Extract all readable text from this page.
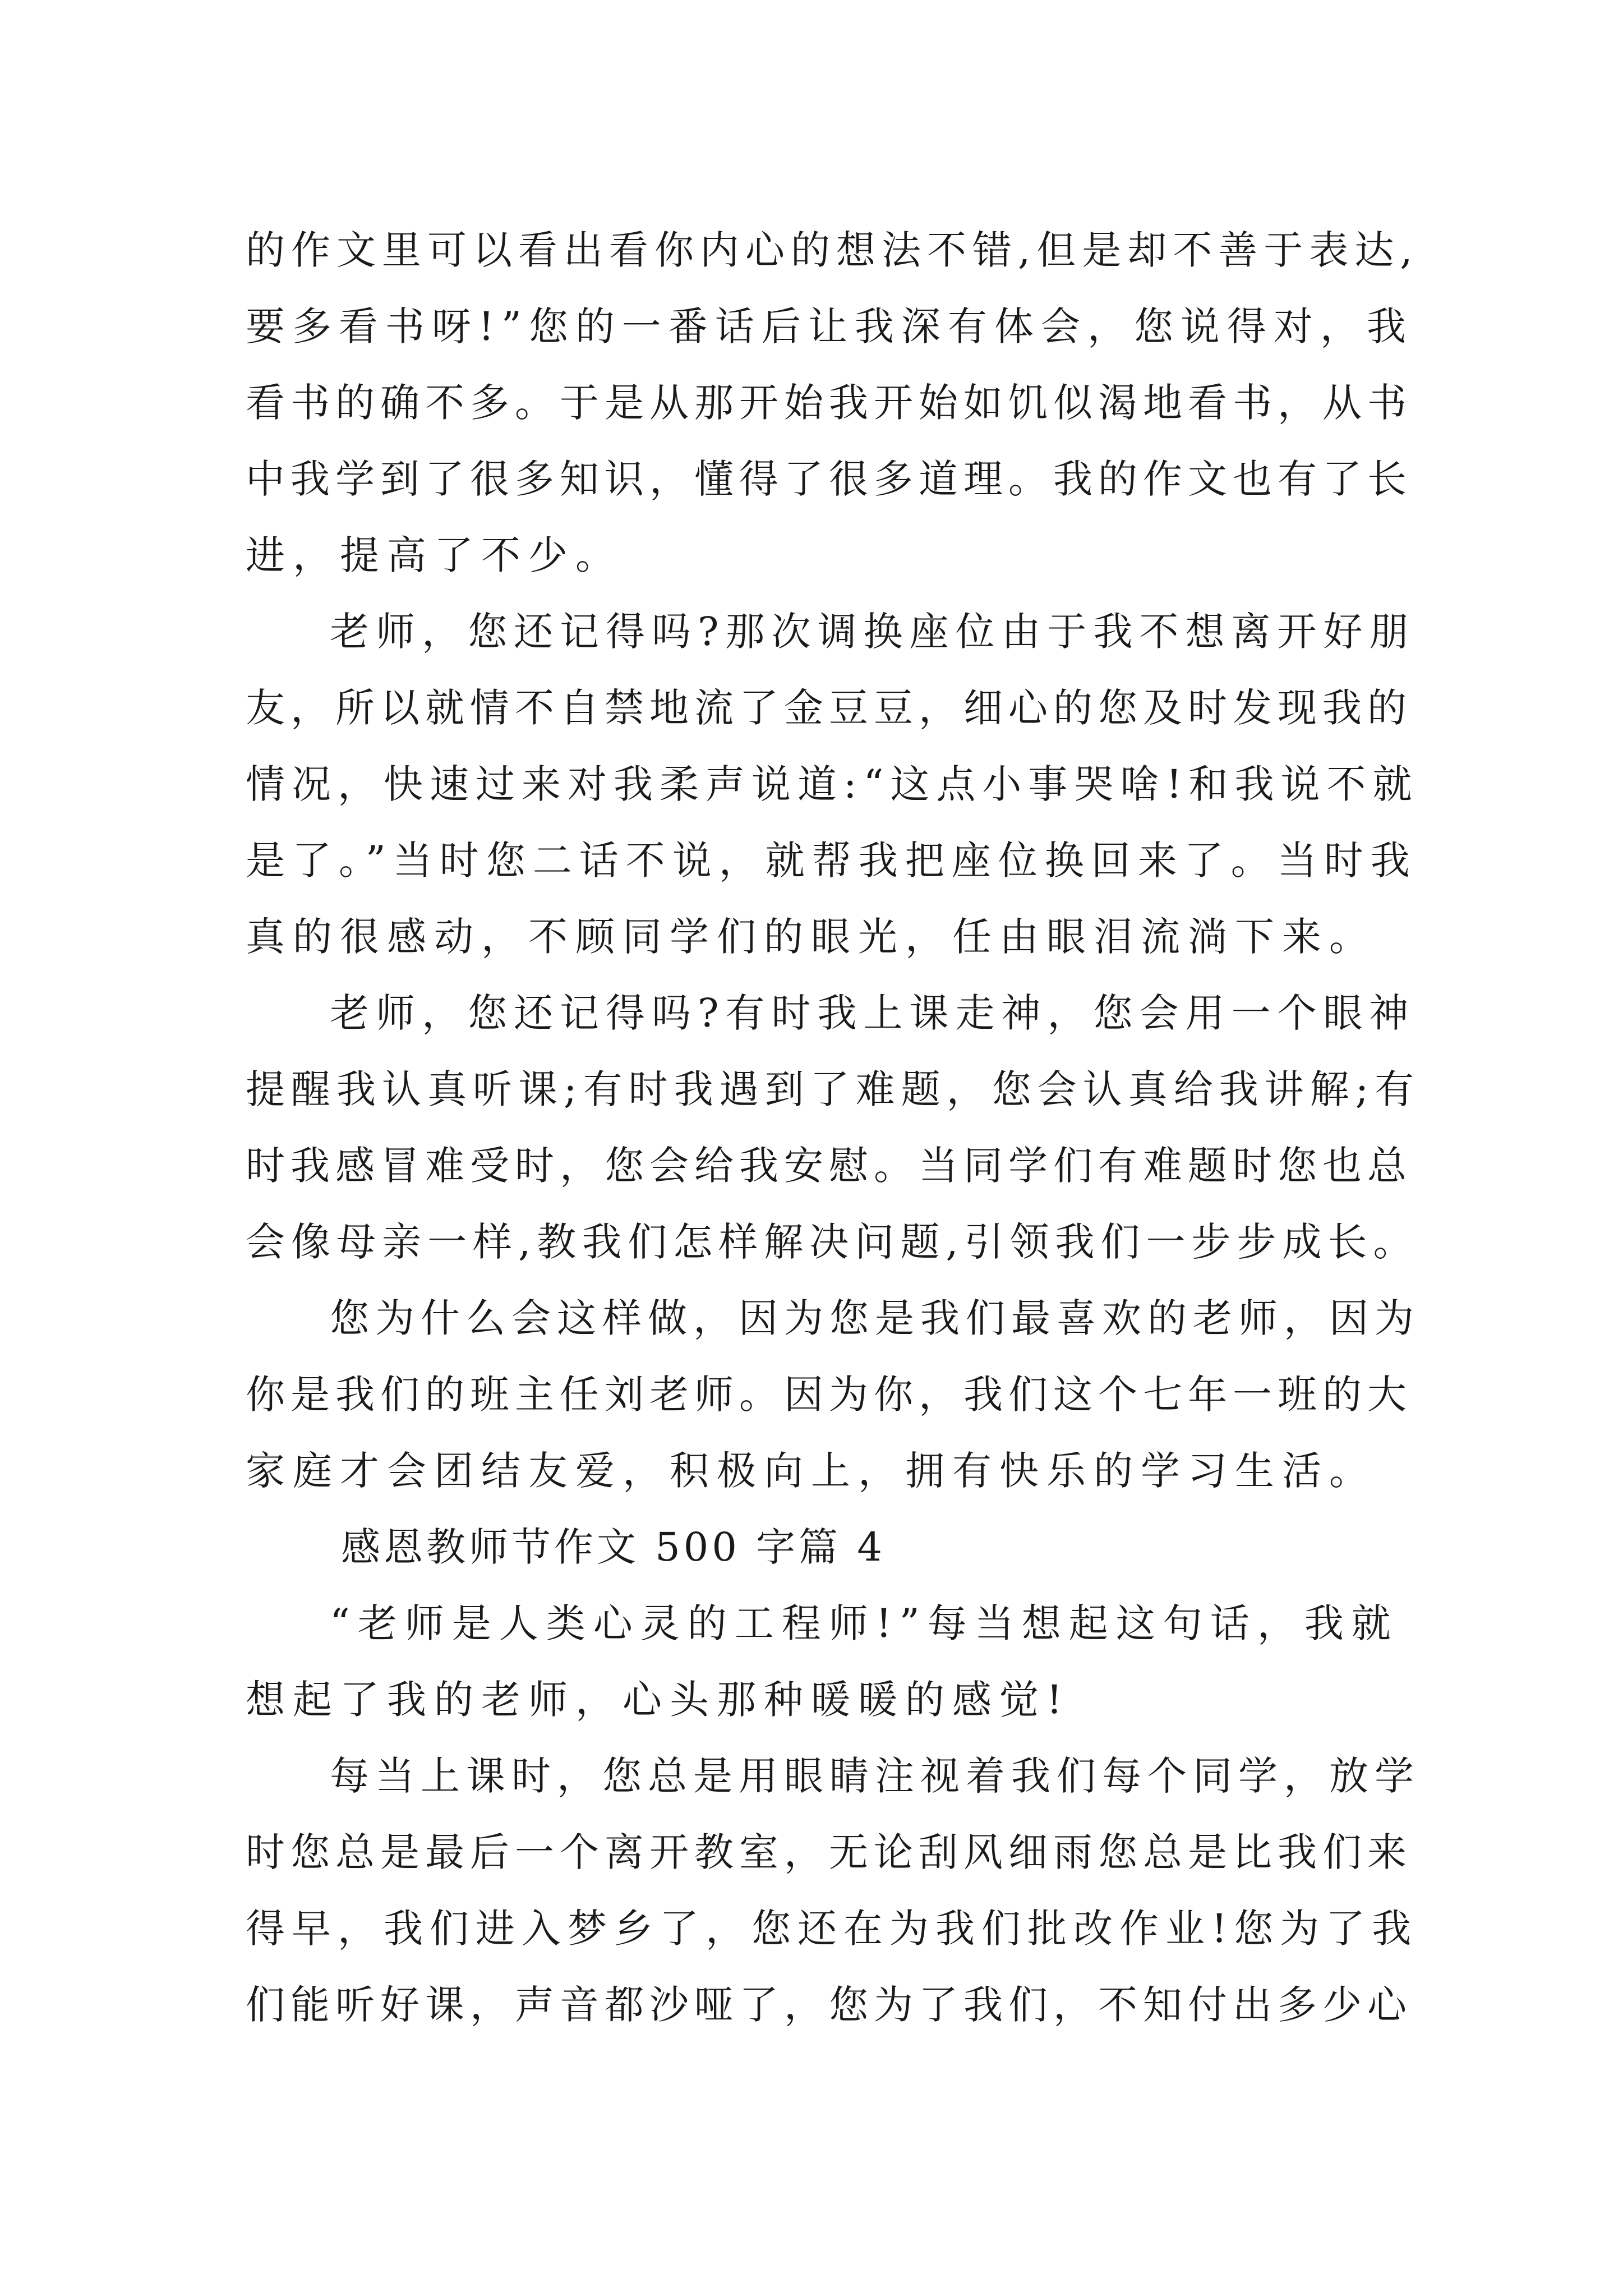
的作文里可以看出看你内心的想法不错,但是却不善于表达,
要多看书呀!”您的一番话后让我深有体会，您说得对，我
看书的确不多。于是从那开始我开始如饥似渴地看书，从书
中我学到了很多知识，懂得了很多道理。我的作文也有了长
进，提高了不少。
老师，您还记得吗?那次调换座位由于我不想离开好朋
友，所以就情不自禁地流了金豆豆，细心的您及时发现我的
情况，快速过来对我柔声说道:“这点小事哭啥!和我说不就
是了。”当时您二话不说，就帮我把座位换回来了。当时我
真的很感动，不顾同学们的眼光，任由眼泪流淌下来。
老师，您还记得吗?有时我上课走神，您会用一个眼神
提醒我认真听课;有时我遇到了难题，您会认真给我讲解;有
时我感冒难受时，您会给我安慰。当同学们有难题时您也总
会像母亲一样,教我们怎样解决问题,引领我们一步步成长。
您为什么会这样做，因为您是我们最喜欢的老师，因为
你是我们的班主任刘老师。因为你，我们这个七年一班的大
家庭才会团结友爱，积极向上，拥有快乐的学习生活。
感恩教师节作文 500 字篇 4
“老师是人类心灵的工程师!”每当想起这句话，我就
想起了我的老师，心头那种暖暖的感觉!
每当上课时，您总是用眼睛注视着我们每个同学，放学
时您总是最后一个离开教室，无论刮风细雨您总是比我们来
得早，我们进入梦乡了，您还在为我们批改作业!您为了我
们能听好课，声音都沙哑了，您为了我们，不知付出多少心
